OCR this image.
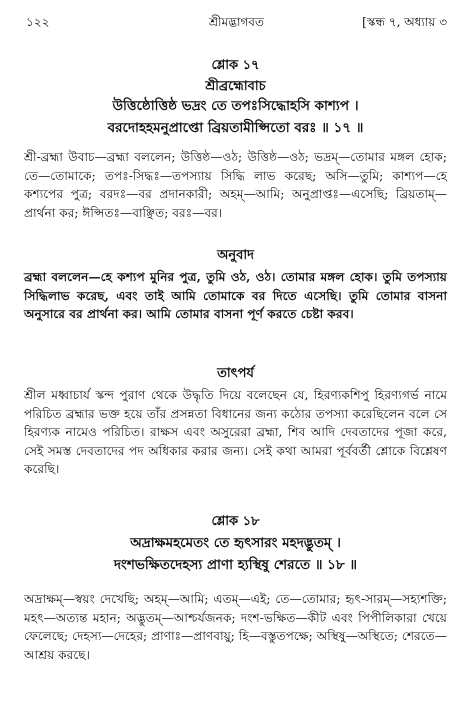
১২২	শ্রীমদ্ভাগবত	[স্কন্ধ ৭, অধ্যায় ৩
শ্লোক ১৭
শ্রীব্রহ্মোবাচ
উত্তিষ্ঠোত্তিষ্ঠ ভদ্রং তে তপঃসিদ্ধোহসি কাশ্যপ ।
বরদোহহমনুপ্রাপ্তো ব্রিয়তামীপ্সিতো বরঃ ॥ ১৭ ॥

শ্রী-ব্রহ্মা উবাচ—ব্রহ্মা বললেন; উত্তিষ্ঠ—ওঠ; উত্তিষ্ঠ—ওঠ; ভদ্রম্—তোমার মঙ্গল হোক; তে—তোমাকে; তপঃ-সিদ্ধঃ—তপস্যায় সিদ্ধি লাভ করেছ; অসি—তুমি; কাশ্যপ—হে কশ্যপের পুত্র; বরদঃ—বর প্রদানকারী; অহম্—আমি; অনুপ্রাপ্তঃ—এসেছি; ব্রিয়তাম্—প্রার্থনা কর; ঈপ্সিতঃ—বাঞ্ছিত; বরঃ—বর।

অনুবাদ

ব্রহ্মা বললেন—হে কশ্যপ মুনির পুত্র, তুমি ওঠ, ওঠ। তোমার মঙ্গল হোক। তুমি তপস্যায় সিদ্ধিলাভ করেছ, এবং তাই আমি তোমাকে বর দিতে এসেছি। তুমি তোমার বাসনা অনুসারে বর প্রার্থনা কর। আমি তোমার বাসনা পূর্ণ করতে চেষ্টা করব।

তাৎপর্য

শ্রীল মধ্বাচার্য স্কন্দ পুরাণ থেকে উদ্ধৃতি দিয়ে বলেছেন যে, হিরণ্যকশিপু হিরণ্যগর্ভ নামে পরিচিত ব্রহ্মার ভক্ত হয়ে তাঁর প্রসন্নতা বিধানের জন্য কঠোর তপস্যা করেছিলেন বলে সে হিরণ্যক নামেও পরিচিত। রাক্ষস এবং অসুরেরা ব্রহ্মা, শিব আদি দেবতাদের পূজা করে, সেই সমস্ত দেবতাদের পদ অধিকার করার জন্য। সেই কথা আমরা পূর্ববর্তী শ্লোকে বিশ্লেষণ করেছি।

শ্লোক ১৮
অদ্রাক্ষমহমেতং তে হৃৎসারং মহদদ্ভুতম্ ।
দংশভক্ষিতদেহস্য প্রাণা হ্যস্থিষু শেরতে ॥ ১৮ ॥

অদ্রাক্ষম্—স্বয়ং দেখেছি; অহম্—আমি; এতম্—এই; তে—তোমার; হৃৎ-সারম্—সহ্যশক্তি; মহৎ—অত্যন্ত মহান; অদ্ভুতম্—আশ্চর্যজনক; দংশ-ভক্ষিত—কীট এবং পিপীলিকারা খেয়ে ফেলেছে; দেহস্য—দেহের; প্রাণাঃ—প্রাণবায়ু; হি—বস্তুতপক্ষে; অস্থিষু—অস্থিতে; শেরতে—আশ্রয় করছে।
